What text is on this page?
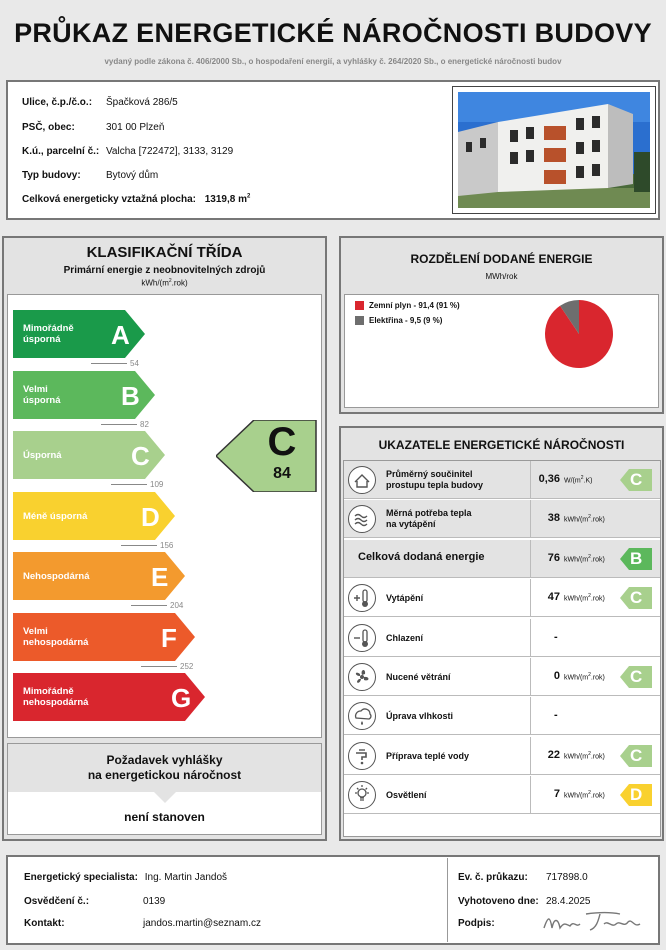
PRŮKAZ ENERGETICKÉ NÁROČNOSTI BUDOVY
vydaný podle zákona č. 406/2000 Sb., o hospodaření energií, a vyhlášky č. 264/2020 Sb., o energetické náročnosti budov
Ulice, č.p./č.o.: Špačková 286/5
PSČ, obec:	301 00 Plzeň
K.ú., parcelní č.: Valcha [722472], 3133, 3129
Typ budovy:	Bytový dům
Celková energeticky vztažná plocha: 1319,8 $m^2$
KLASIFIKAČNÍ TŘÍDA
Primární energie z neobnovitelných zdrojů
kWh/$(m^2.rok)$
Mimořádně
úsporná	A
Velmi
úsporná B
Úsporná	C
Méně úsporná D
Nehospodárná E
Velmi
nehospodárná	F
Mimořádně
nehospodárná	G
54
82
109
156
204
252
C
84
Požadavek vyhlášky
na energetickou náročnost
není stanoven
ROZDĚLENÍ DODANÉ ENERGIE
MWh/rok
Zemní plyn - 91,4 (91 %)
Elektřina - 9,5 (9 %)
UKAZATELE ENERGETICKÉ NÁROČNOSTI
Průměrný součinitel
prostupu tepla budovy	0,36 $W/(m^2.K)$ C
Měrná potřeba tepla
na vytápění	38 kWh/$(m^2.rok)$
Celková dodaná energie	76 kWh/$(m^2.rok)$ B
Vytápění	47 kWh/$(m^2.rok)$ C
Chlazení	-
Nucené větrání	0 kWh/$(m^2.rok)$ C
Úprava vlhkosti	-
Příprava teplé vody	22 kWh/$(m^2.rok)$ C
Osvětlení	7 kWh/$(m^2.rok)$ D
Energetický specialista: Ing. Martin Jandoš
Osvědčení č.:	0139
Kontakt:	jandos.martin@seznam.cz
Ev. č. průkazu: 717898.0
Vyhotoveno dne: 28.4.2025
Podpis:
